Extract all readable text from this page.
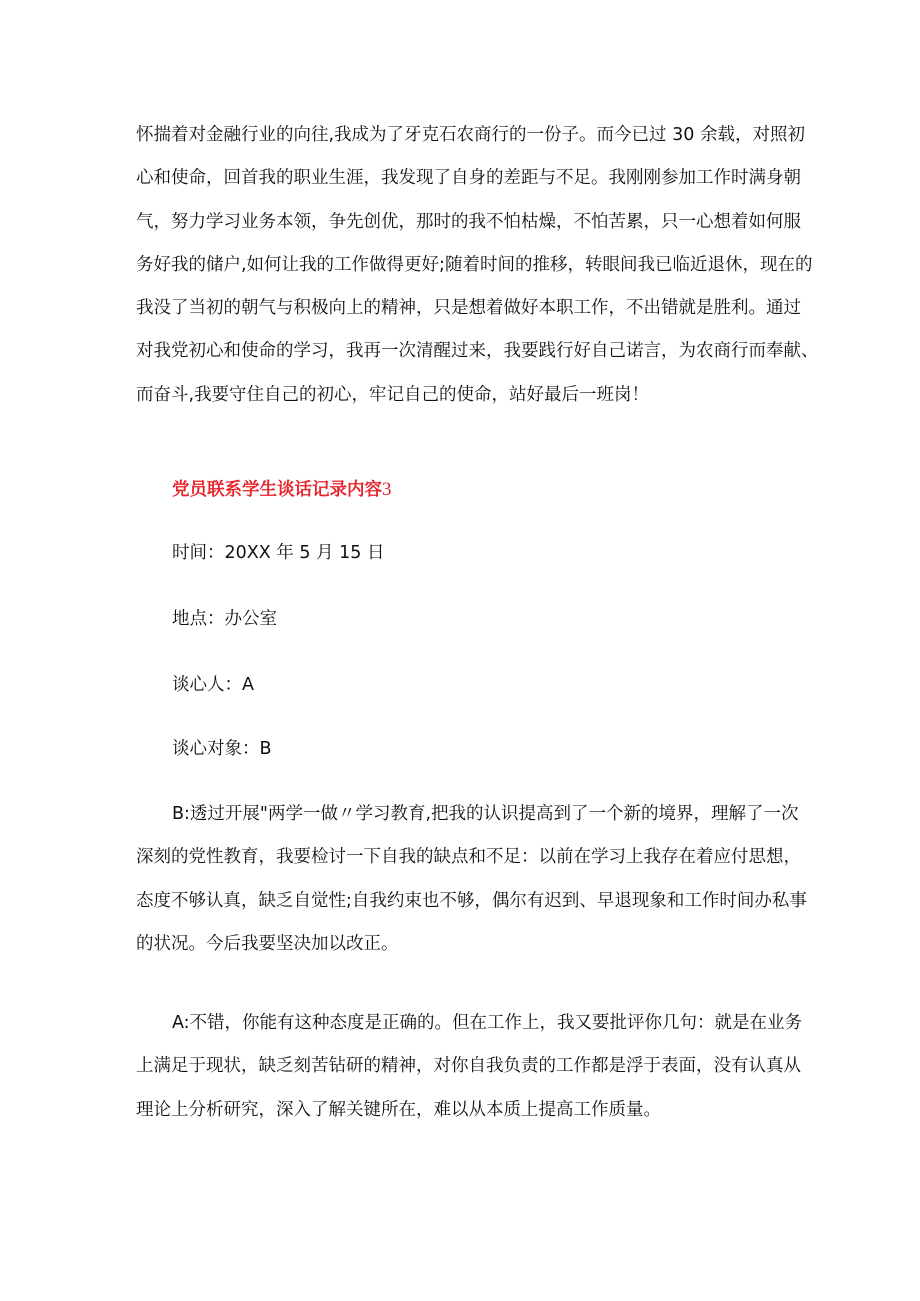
怀揣着对金融行业的向往,我成为了牙克石农商行的一份子。而今已过 30 余载，对照初
心和使命，回首我的职业生涯，我发现了自身的差距与不足。我刚刚参加工作时满身朝
气，努力学习业务本领，争先创优，那时的我不怕枯燥，不怕苦累，只一心想着如何服
务好我的储户,如何让我的工作做得更好;随着时间的推移，转眼间我已临近退休，现在的
我没了当初的朝气与积极向上的精神，只是想着做好本职工作，不出错就是胜利。通过
对我党初心和使命的学习，我再一次清醒过来，我要践行好自己诺言，为农商行而奉献、
而奋斗,我要守住自己的初心，牢记自己的使命，站好最后一班岗！
党员联系学生谈话记录内容3

时间：20XX 年 5 月 15 日

地点：办公室

谈心人：A

谈心对象：B

B:透过开展"两学一做〃学习教育,把我的认识提高到了一个新的境界，理解了一次
深刻的党性教育，我要检讨一下自我的缺点和不足：以前在学习上我存在着应付思想，
态度不够认真，缺乏自觉性;自我约束也不够，偶尔有迟到、早退现象和工作时间办私事
的状况。今后我要坚决加以改正。
A:不错，你能有这种态度是正确的。但在工作上，我又要批评你几句：就是在业务
上满足于现状，缺乏刻苦钻研的精神，对你自我负责的工作都是浮于表面，没有认真从
理论上分析研究，深入了解关键所在，难以从本质上提高工作质量。
